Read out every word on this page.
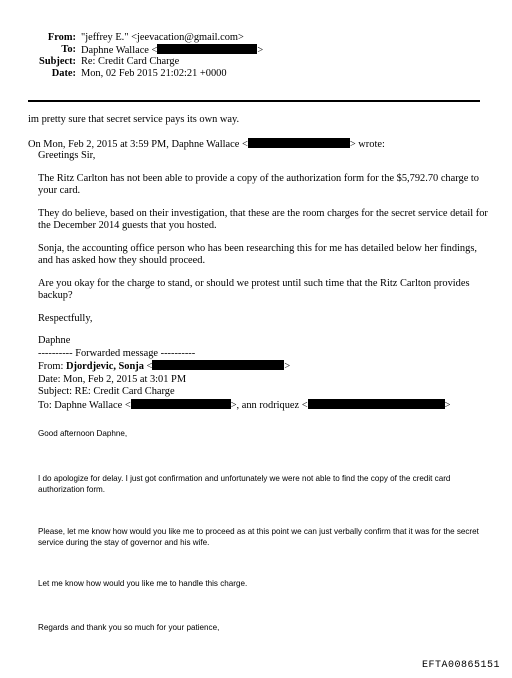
From: "jeffrey E." <jeevacation@gmail.com>
To: Daphne Wallace <	>
Subject: Re: Credit Card Charge
Date: Mon, 02 Feb 2015 21:02:21 +0000
im pretty sure that secret service pays its own way.
On Mon, Feb 2, 2015 at 3:59 PM, Daphne Wallace <	> wrote:

Greetings Sir,

The Ritz Carlton has not been able to provide a copy of the authorization form for the $5,792.70 charge to your card.

They do believe, based on their investigation, that these are the room charges for the secret service detail for the December 2014 guests that you hosted.

Sonja, the accounting office person who has been researching this for me has detailed below her findings, and has asked how they should proceed.

Are you okay for the charge to stand, or should we protest until such time that the Ritz Carlton provides backup?

Respectfully,

Daphne

---------- Forwarded message ----------

From: Djordjevic, Sonja <	>

Date: Mon, Feb 2, 2015 at 3:01 PM

Subject: RE: Credit Card Charge

To: Daphne Wallace <	>, ann rodriquez <	>

Good afternoon Daphne,
I do apologize for delay. I just got confirmation and unfortunately we were not able to find the copy of the credit card authorization form.
Please, let me know how would you like me to proceed as at this point we can just verbally confirm that it was for the secret service during the stay of governor and his wife.
Let me know how would you like me to handle this charge.
Regards and thank you so much for your patience,
EFTA00865151
